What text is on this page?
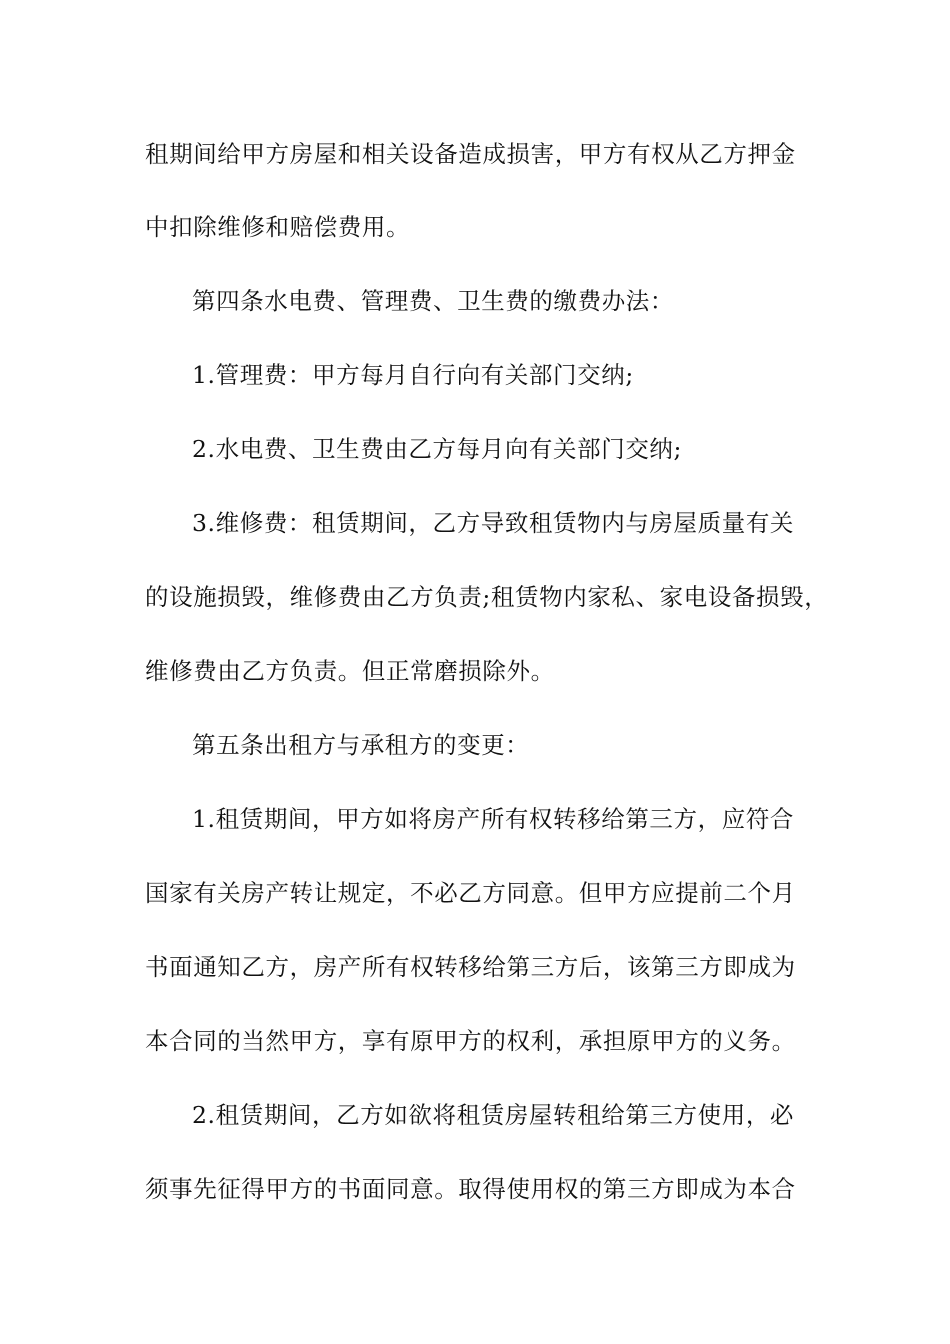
租期间给甲方房屋和相关设备造成损害，甲方有权从乙方押金
中扣除维修和赔偿费用。
第四条水电费、管理费、卫生费的缴费办法：
1.管理费：甲方每月自行向有关部门交纳;
2.水电费、卫生费由乙方每月向有关部门交纳;
3.维修费：租赁期间，乙方导致租赁物内与房屋质量有关
的设施损毁，维修费由乙方负责;租赁物内家私、家电设备损毁，
维修费由乙方负责。但正常磨损除外。
第五条出租方与承租方的变更：
1.租赁期间，甲方如将房产所有权转移给第三方，应符合
国家有关房产转让规定，不必乙方同意。但甲方应提前二个月
书面通知乙方，房产所有权转移给第三方后，该第三方即成为
本合同的当然甲方，享有原甲方的权利，承担原甲方的义务。
2.租赁期间，乙方如欲将租赁房屋转租给第三方使用，必
须事先征得甲方的书面同意。取得使用权的第三方即成为本合
